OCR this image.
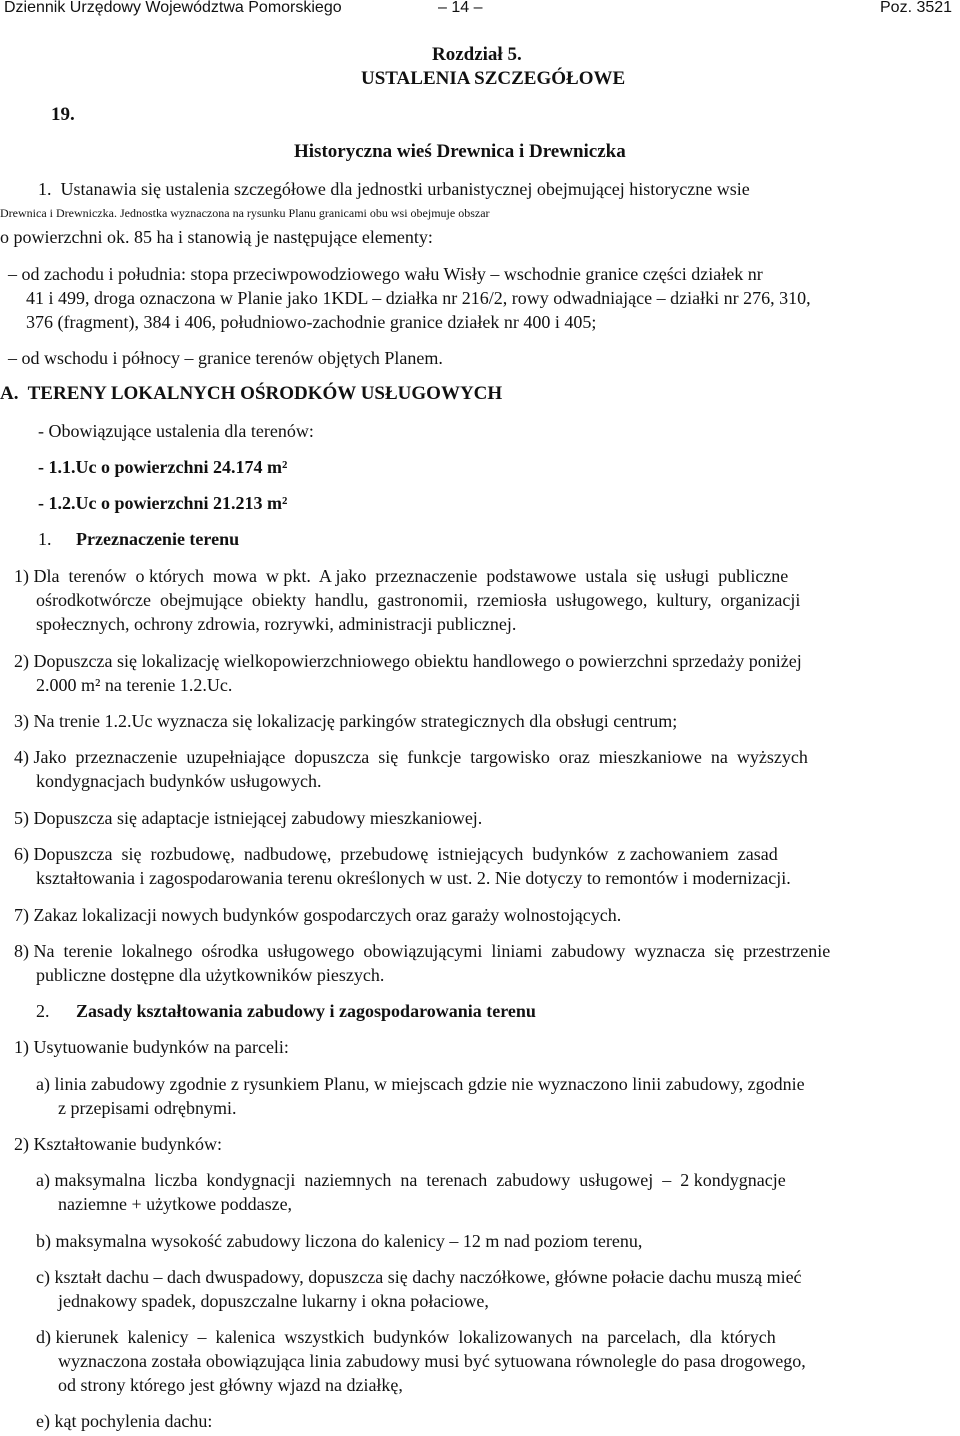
Dziennik Urzędowy Województwa Pomorskiego	– 14 –	Poz. 3521
Rozdział 5.
USTALENIA SZCZEGÓŁOWE
19.
Historyczna wieś Drewnica i Drewniczka
1.  Ustanawia się ustalenia szczegółowe dla jednostki urbanistycznej obejmującej historyczne wsie
Drewnica i Drewniczka. Jednostka wyznaczona na rysunku Planu granicami obu wsi obejmuje obszar
o powierzchni ok. 85 ha i stanowią je następujące elementy:
– od zachodu i południa: stopa przeciwpowodziowego wału Wisły – wschodnie granice części działek nr
41 i 499, droga oznaczona w Planie jako 1KDL – działka nr 216/2, rowy odwadniające – działki nr 276, 310,
376 (fragment), 384 i 406, południowo-zachodnie granice działek nr 400 i 405;
– od wschodu i północy – granice terenów objętych Planem.
A.  TERENY LOKALNYCH OŚRODKÓW USŁUGOWYCH
- Obowiązujące ustalenia dla terenów:
- 1.1.Uc o powierzchni 24.174 m²
- 1.2.Uc o powierzchni 21.213 m²
1. Przeznaczenie terenu
1) Dla  terenów  o których  mowa  w pkt.  A jako  przeznaczenie  podstawowe  ustala  się  usługi  publiczne
ośrodkotwórcze  obejmujące  obiekty  handlu,  gastronomii,  rzemiosła  usługowego,  kultury,  organizacji
społecznych, ochrony zdrowia, rozrywki, administracji publicznej.
2) Dopuszcza się lokalizację wielkopowierzchniowego obiektu handlowego o powierzchni sprzedaży poniżej
2.000 m² na terenie 1.2.Uc.
3) Na trenie 1.2.Uc wyznacza się lokalizację parkingów strategicznych dla obsługi centrum;
4) Jako  przeznaczenie  uzupełniające  dopuszcza  się  funkcje  targowisko  oraz  mieszkaniowe  na  wyższych
kondygnacjach budynków usługowych.
5) Dopuszcza się adaptacje istniejącej zabudowy mieszkaniowej.
6) Dopuszcza  się  rozbudowę,  nadbudowę,  przebudowę  istniejących  budynków  z zachowaniem  zasad
kształtowania i zagospodarowania terenu określonych w ust. 2. Nie dotyczy to remontów i modernizacji.
7) Zakaz lokalizacji nowych budynków gospodarczych oraz garaży wolnostojących.
8) Na  terenie  lokalnego  ośrodka  usługowego  obowiązującymi  liniami  zabudowy  wyznacza  się  przestrzenie
publiczne dostępne dla użytkowników pieszych.
2. Zasady kształtowania zabudowy i zagospodarowania terenu
1) Usytuowanie budynków na parceli:
a) linia zabudowy zgodnie z rysunkiem Planu, w miejscach gdzie nie wyznaczono linii zabudowy, zgodnie
z przepisami odrębnymi.
2) Kształtowanie budynków:
a) maksymalna  liczba  kondygnacji  naziemnych  na  terenach  zabudowy  usługowej  –  2 kondygnacje
naziemne + użytkowe poddasze,
b) maksymalna wysokość zabudowy liczona do kalenicy – 12 m nad poziom terenu,
c) kształt dachu – dach dwuspadowy, dopuszcza się dachy naczółkowe, główne połacie dachu muszą mieć
jednakowy spadek, dopuszczalne lukarny i okna połaciowe,
d) kierunek  kalenicy  –  kalenica  wszystkich  budynków  lokalizowanych  na  parcelach,  dla  których
wyznaczona została obowiązująca linia zabudowy musi być sytuowana równolegle do pasa drogowego,
od strony którego jest główny wjazd na działkę,
e) kąt pochylenia dachu:
